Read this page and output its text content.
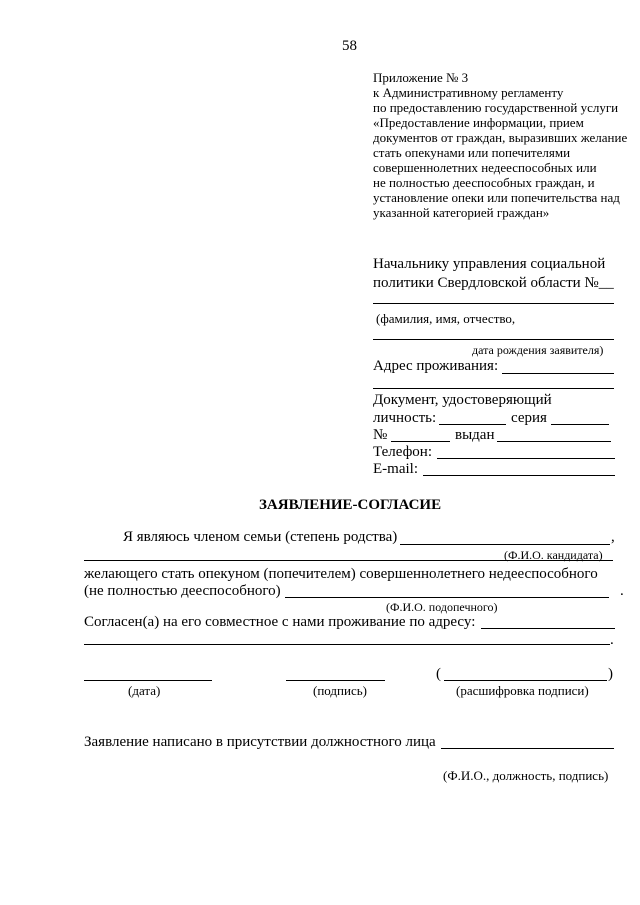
58
Приложение № 3
к Административному регламенту
по предоставлению государственной услуги
«Предоставление информации, прием
документов от граждан, выразивших желание
стать опекунами или попечителями
совершеннолетних недееспособных или
не полностью дееспособных граждан, и
установление опеки или попечительства над
указанной категорией граждан»
Начальнику управления социальной
политики Свердловской области №__
(фамилия, имя, отчество,
дата рождения заявителя)
Адрес проживания:
Документ, удостоверяющий
личность:	серия
№	выдан
Телефон:
E-mail:
ЗАЯВЛЕНИЕ-СОГЛАСИЕ
Я являюсь членом семьи (степень родства)	,
(Ф.И.О. кандидата)
желающего стать опекуном (попечителем) совершеннолетнего недееспособного
(не полностью дееспособного)	.
(Ф.И.О. подопечного)
Согласен(а) на его совместное с нами проживание по адресу:
.
(дата)	(подпись)
(	)
(расшифровка подписи)
Заявление написано в присутствии должностного лица
(Ф.И.О., должность, подпись)
